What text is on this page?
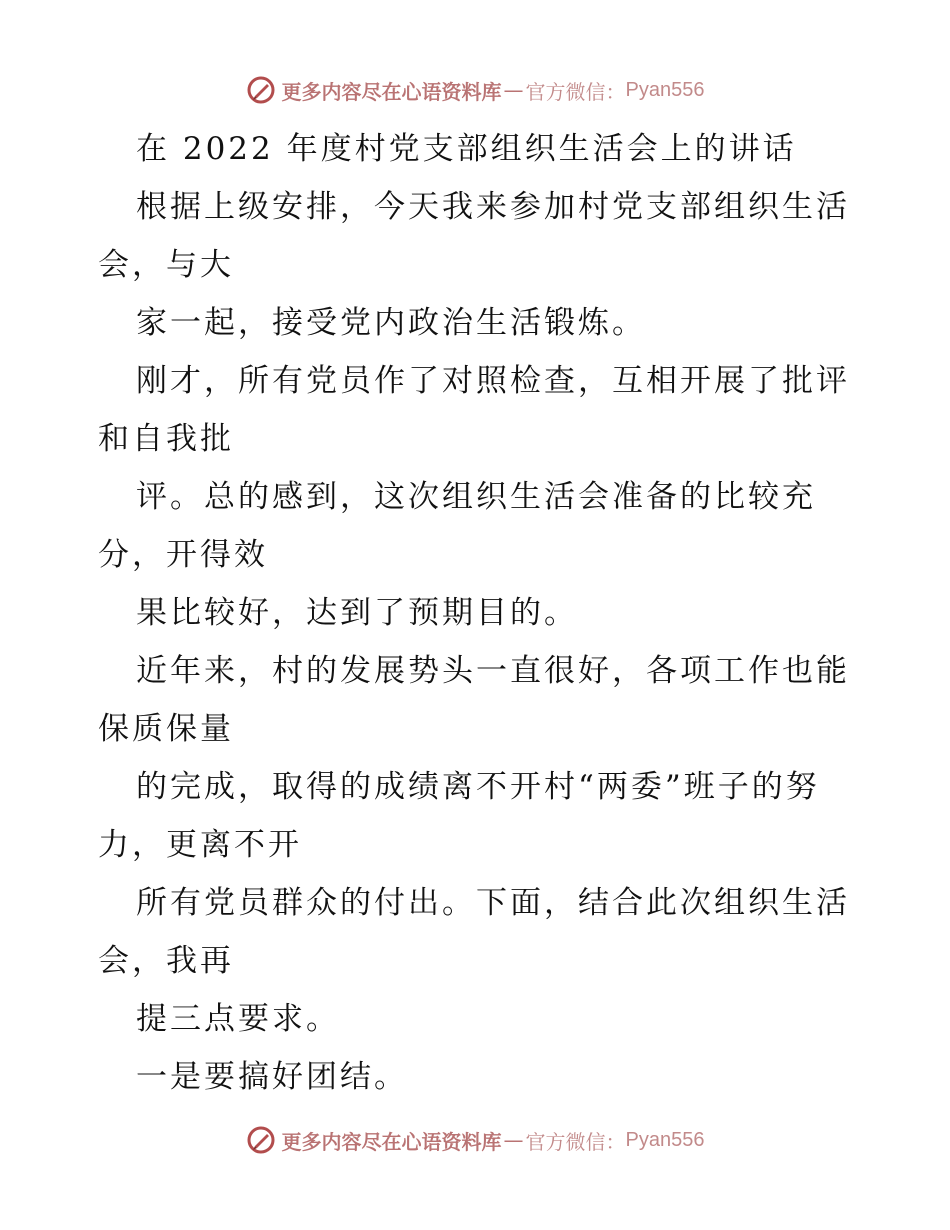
更多内容尽在心语资料库 — 官方微信： Pyan556
在 2022 年度村党支部组织生活会上的讲话
根据上级安排，今天我来参加村党支部组织生活
会，与大
家一起，接受党内政治生活锻炼。
刚才，所有党员作了对照检查，互相开展了批评
和自我批
评。总的感到，这次组织生活会准备的比较充
分，开得效
果比较好，达到了预期目的。
近年来，村的发展势头一直很好，各项工作也能
保质保量
的完成，取得的成绩离不开村“两委”班子的努
力，更离不开
所有党员群众的付出。下面，结合此次组织生活
会，我再
提三点要求。
一是要搞好团结。
更多内容尽在心语资料库 — 官方微信： Pyan556
